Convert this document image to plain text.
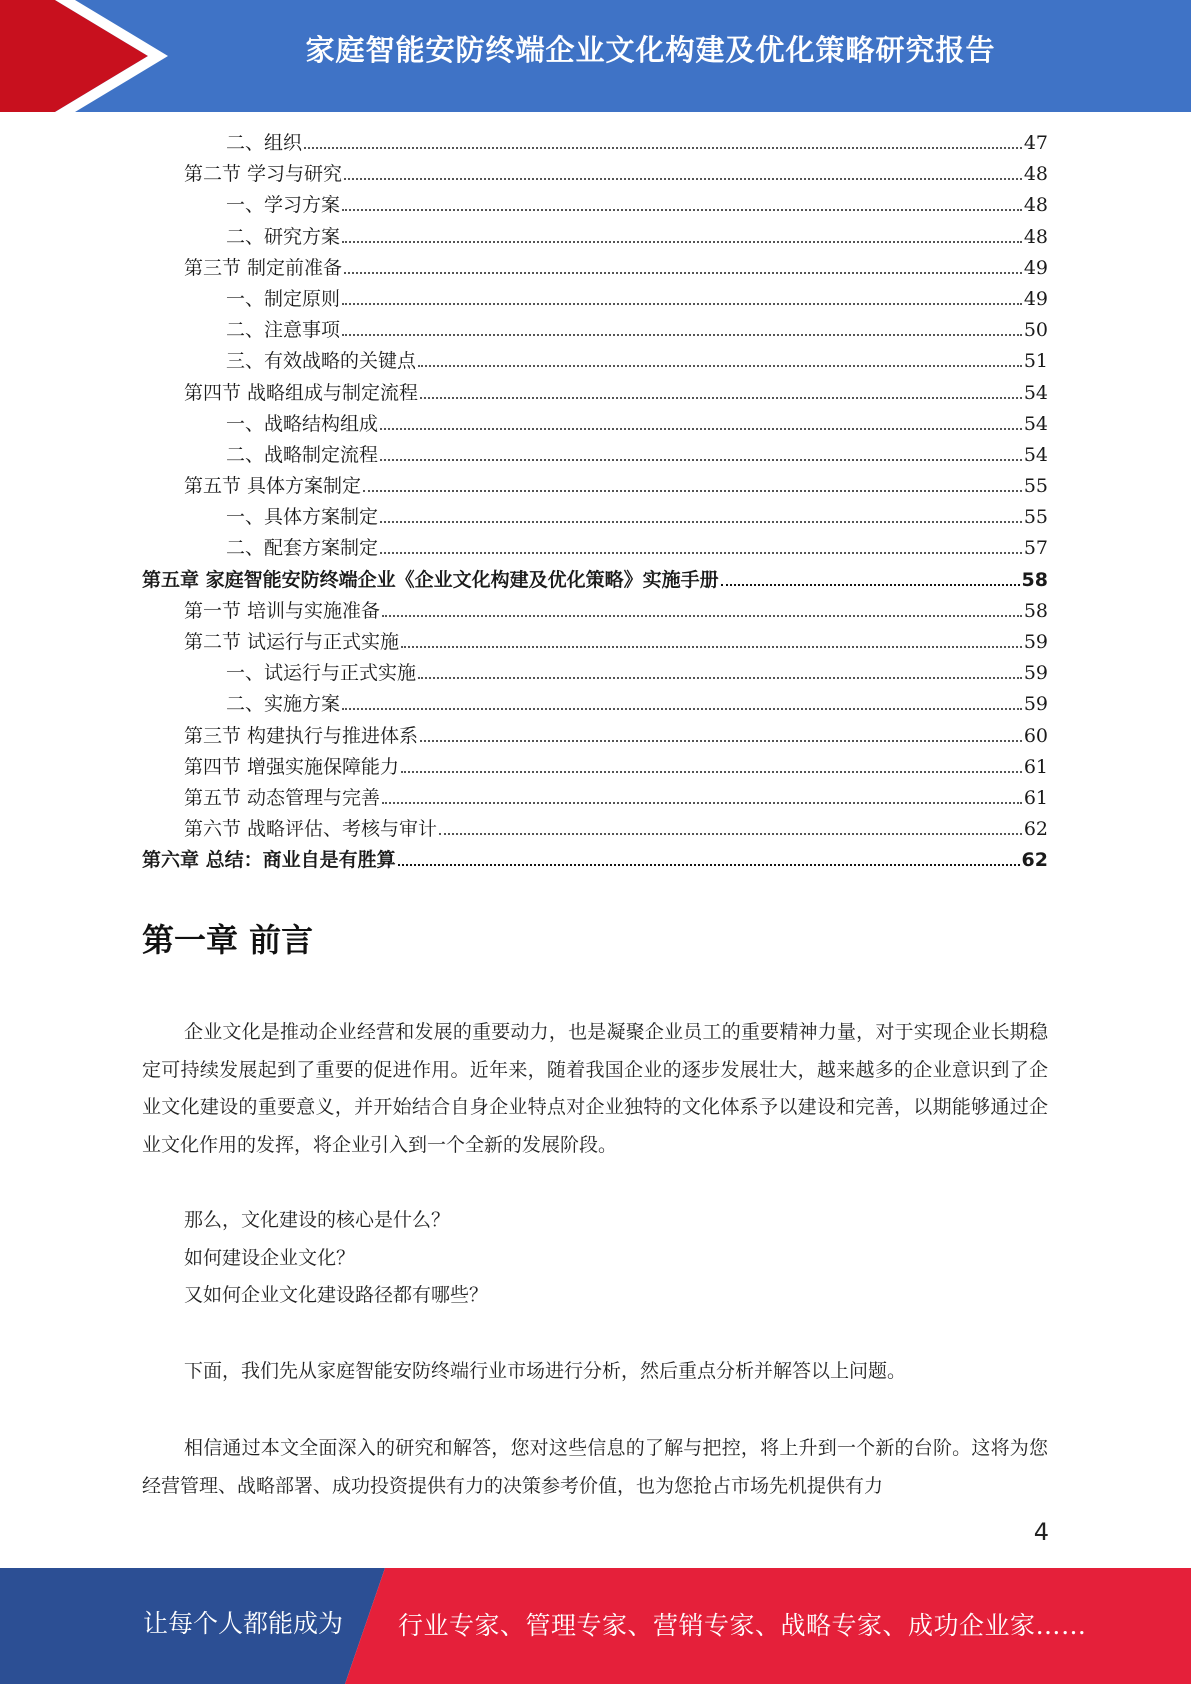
家庭智能安防终端企业文化构建及优化策略研究报告
二、组织	47
第二节 学习与研究	48
一、学习方案	48
二、研究方案	48
第三节 制定前准备	49
一、制定原则	49
二、注意事项	50
三、有效战略的关键点	51
第四节 战略组成与制定流程	54
一、战略结构组成	54
二、战略制定流程	54
第五节 具体方案制定	55
一、具体方案制定	55
二、配套方案制定	57
第五章 家庭智能安防终端企业《企业文化构建及优化策略》实施手册	58
第一节 培训与实施准备	58
第二节 试运行与正式实施	59
一、试运行与正式实施	59
二、实施方案	59
第三节 构建执行与推进体系	60
第四节 增强实施保障能力	61
第五节 动态管理与完善	61
第六节 战略评估、考核与审计	62
第六章 总结：商业自是有胜算	62
第一章 前言

企业文化是推动企业经营和发展的重要动力，也是凝聚企业员工的重要精神力量，对于实现企业长期稳定可持续发展起到了重要的促进作用。近年来，随着我国企业的逐步发展壮大，越来越多的企业意识到了企业文化建设的重要意义，并开始结合自身企业特点对企业独特的文化体系予以建设和完善，以期能够通过企业文化作用的发挥，将企业引入到一个全新的发展阶段。

那么，文化建设的核心是什么？
如何建设企业文化？
又如何企业文化建设路径都有哪些？

下面，我们先从家庭智能安防终端行业市场进行分析，然后重点分析并解答以上问题。

相信通过本文全面深入的研究和解答，您对这些信息的了解与把控，将上升到一个新的台阶。这将为您经营管理、战略部署、成功投资提供有力的决策参考价值，也为您抢占市场先机提供有力

4
让每个人都能成为 行业专家、管理专家、营销专家、战略专家、成功企业家……
